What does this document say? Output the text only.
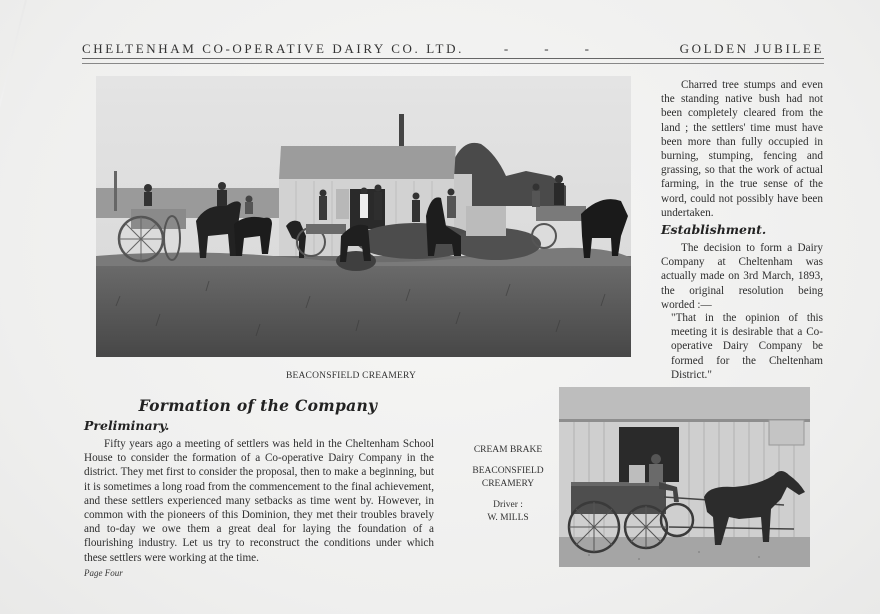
CHELTENHAM CO-OPERATIVE DAIRY CO. LTD.	-	-	-	GOLDEN JUBILEE
BEACONSFIELD CREAMERY
Charred tree stumps and even the standing native bush had not been completely cleared from the land ; the settlers' time must have been more than fully occupied in burning, stumping, fencing and grassing, so that the work of actual farming, in the true sense of the word, could not possibly have been undertaken.
Establishment.
The decision to form a Dairy Company at Cheltenham was actually made on 3rd March, 1893, the original resolution being worded :—
"That in the opinion of this meeting it is desirable that a Co-operative Dairy Company be formed for the Cheltenham District."
Formation of the Company
Preliminary.
Fifty years ago a meeting of settlers was held in the Cheltenham School House to consider the formation of a Co-operative Dairy Company in the district. They met first to consider the proposal, then to make a beginning, but it is sometimes a long road from the commencement to the final achievement, and these settlers experienced many setbacks as time went by. However, in common with the pioneers of this Dominion, they met their troubles bravely and to-day we owe them a great deal for laying the foundation of a flourishing industry. Let us try to reconstruct the conditions under which these settlers were working at the time.
Page Four
CREAM BRAKE
BEACONSFIELD
CREAMERY
Driver :
W. MILLS
